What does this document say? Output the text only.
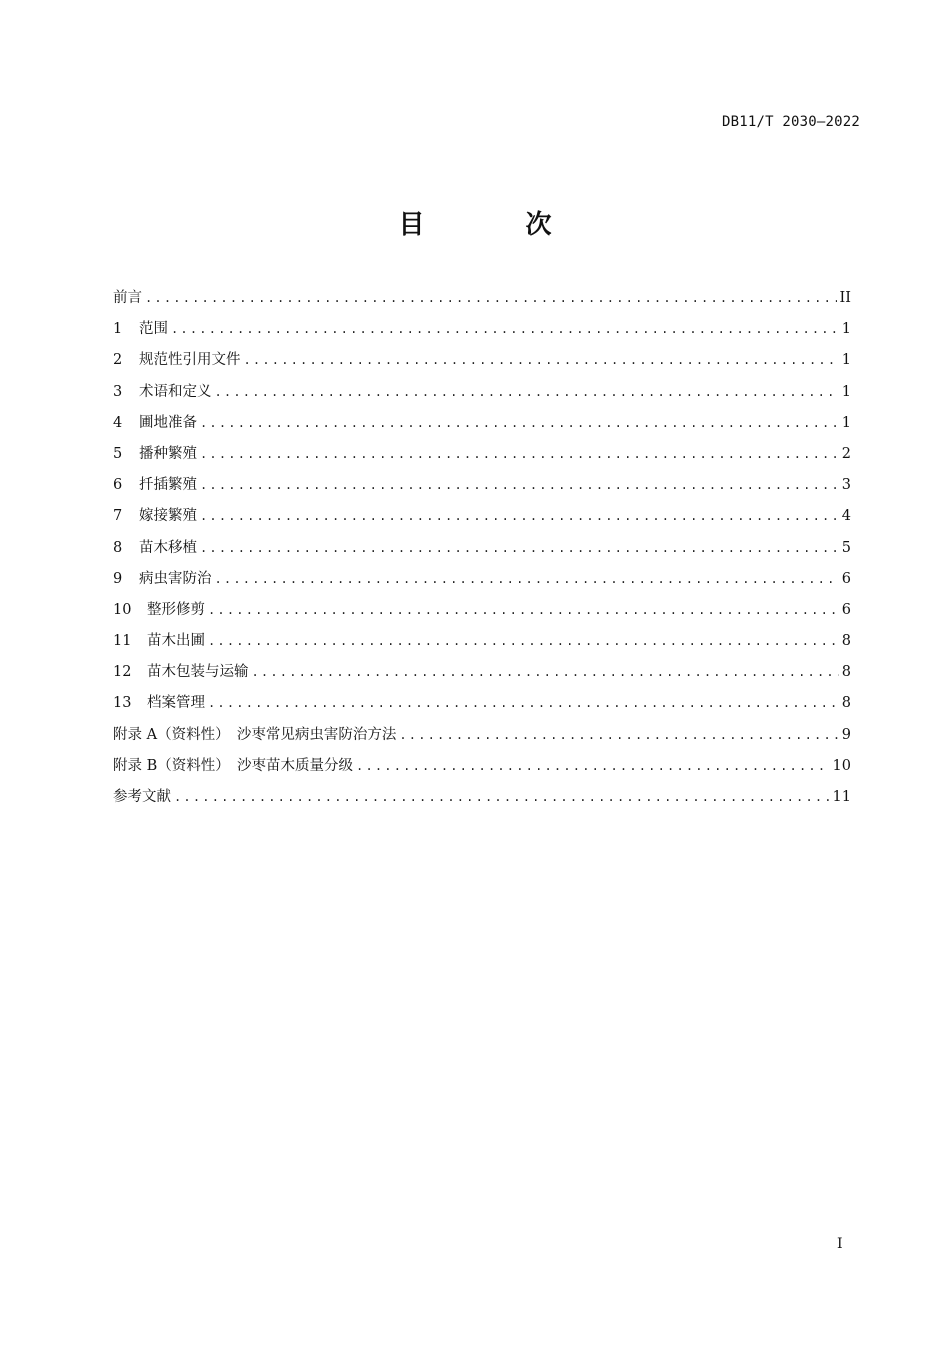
DB11/T 2030—2022
目 次
前言 .....	II
1	范围 .....	1
2	规范性引用文件 .....	1
3	术语和定义 .....	1
4	圃地准备 .....	1
5	播种繁殖 .....	2
6	扦插繁殖 .....	3
7	嫁接繁殖 .....	4
8	苗木移植 .....	5
9	病虫害防治 .....	6
10	整形修剪 .....	6
11	苗木出圃 .....	8
12	苗木包装与运输 .....	8
13	档案管理 .....	8
附录 A（资料性）　沙枣常见病虫害防治方法 .....	9
附录 B（资料性）　沙枣苗木质量分级 .....	10
参考文献 .....	11
I
